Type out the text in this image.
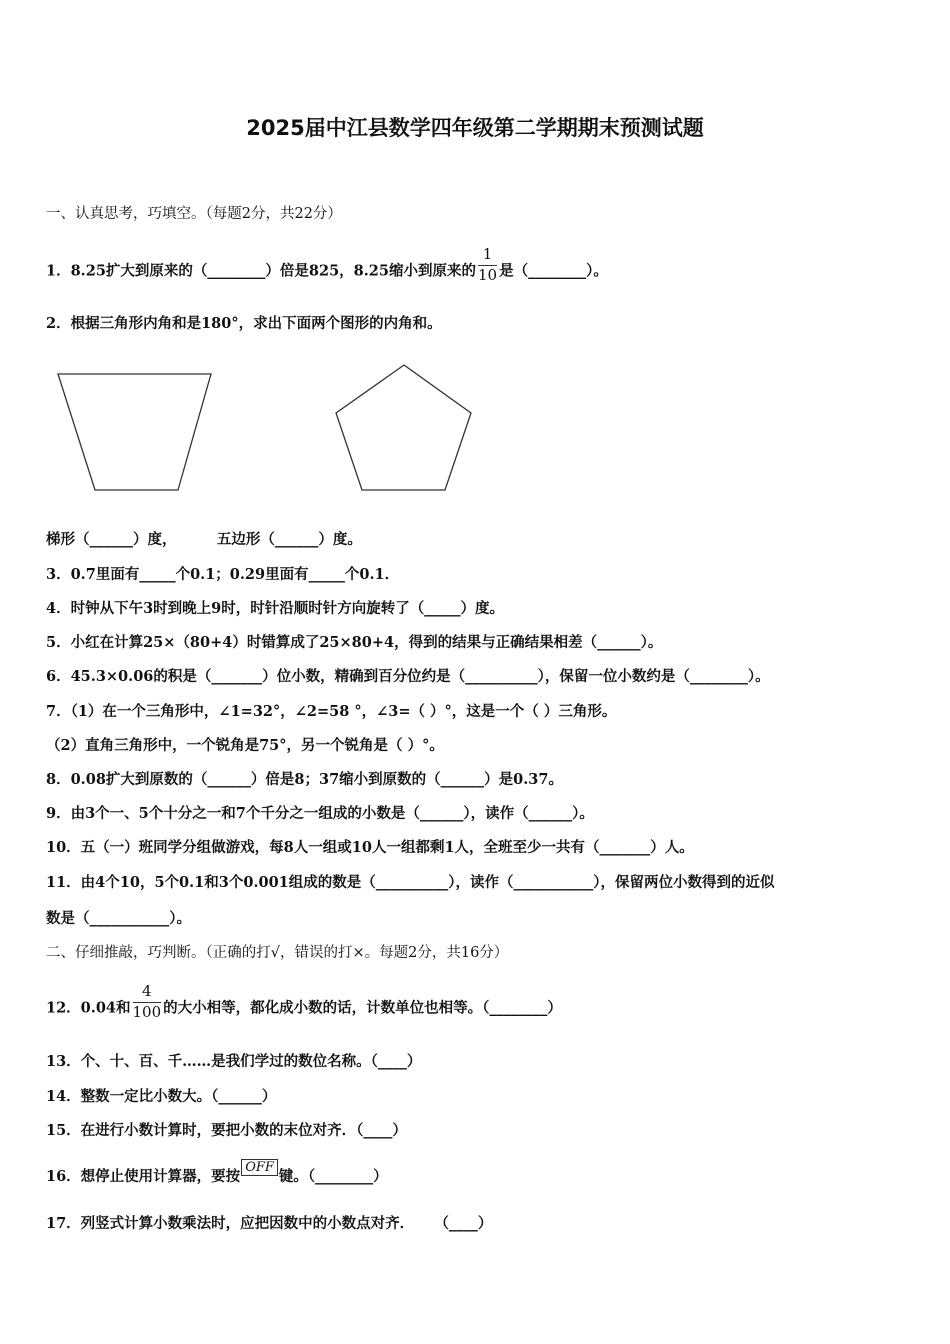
2025届中江县数学四年级第二学期期末预测试题
一、认真思考，巧填空。（每题2分，共22分）
1．8.25扩大到原来的（________）倍是825，8.25缩小到原来的 $\frac{1}{10}$ 是（________）。
2．根据三角形内角和是180°，求出下面两个图形的内角和。
梯形（______）度，        五边形（______）度。
3．0.7里面有_____个0.1；0.29里面有_____个0.1．
4．时钟从下午3时到晚上9时，时针沿顺时针方向旋转了（_____）度。
5．小红在计算25×（80+4）时错算成了25×80+4，得到的结果与正确结果相差（______）。
6．45.3×0.06的积是（_______）位小数，精确到百分位约是（__________），保留一位小数约是（________）。
7．（1）在一个三角形中，∠1=32°，∠2=58 °，∠3=（ ）°，这是一个（ ）三角形。
（2）直角三角形中，一个锐角是75°，另一个锐角是（ ）°。
8．0.08扩大到原数的（______）倍是8；37缩小到原数的（______）是0.37。
9．由3个一、5个十分之一和7个千分之一组成的小数是（______），读作（______）。
10．五（一）班同学分组做游戏，每8人一组或10人一组都剩1人，全班至少一共有（_______）人。
11．由4个10，5个0.1和3个0.001组成的数是（__________），读作（___________），保留两位小数得到的近似
数是（___________）。
二、仔细推敲，巧判断。（正确的打√，错误的打×。每题2分，共16分）
12．0.04和 $\frac{4}{100}$ 的大小相等，都化成小数的话，计数单位也相等。（________）
13．个、十、百、千……是我们学过的数位名称。（____）
14．整数一定比小数大。（______）
15．在进行小数计算时，要把小数的末位对齐．（____）
16．想停止使用计算器，要按OFF键。（________）
17．列竖式计算小数乘法时，应把因数中的小数点对齐．    （____）
